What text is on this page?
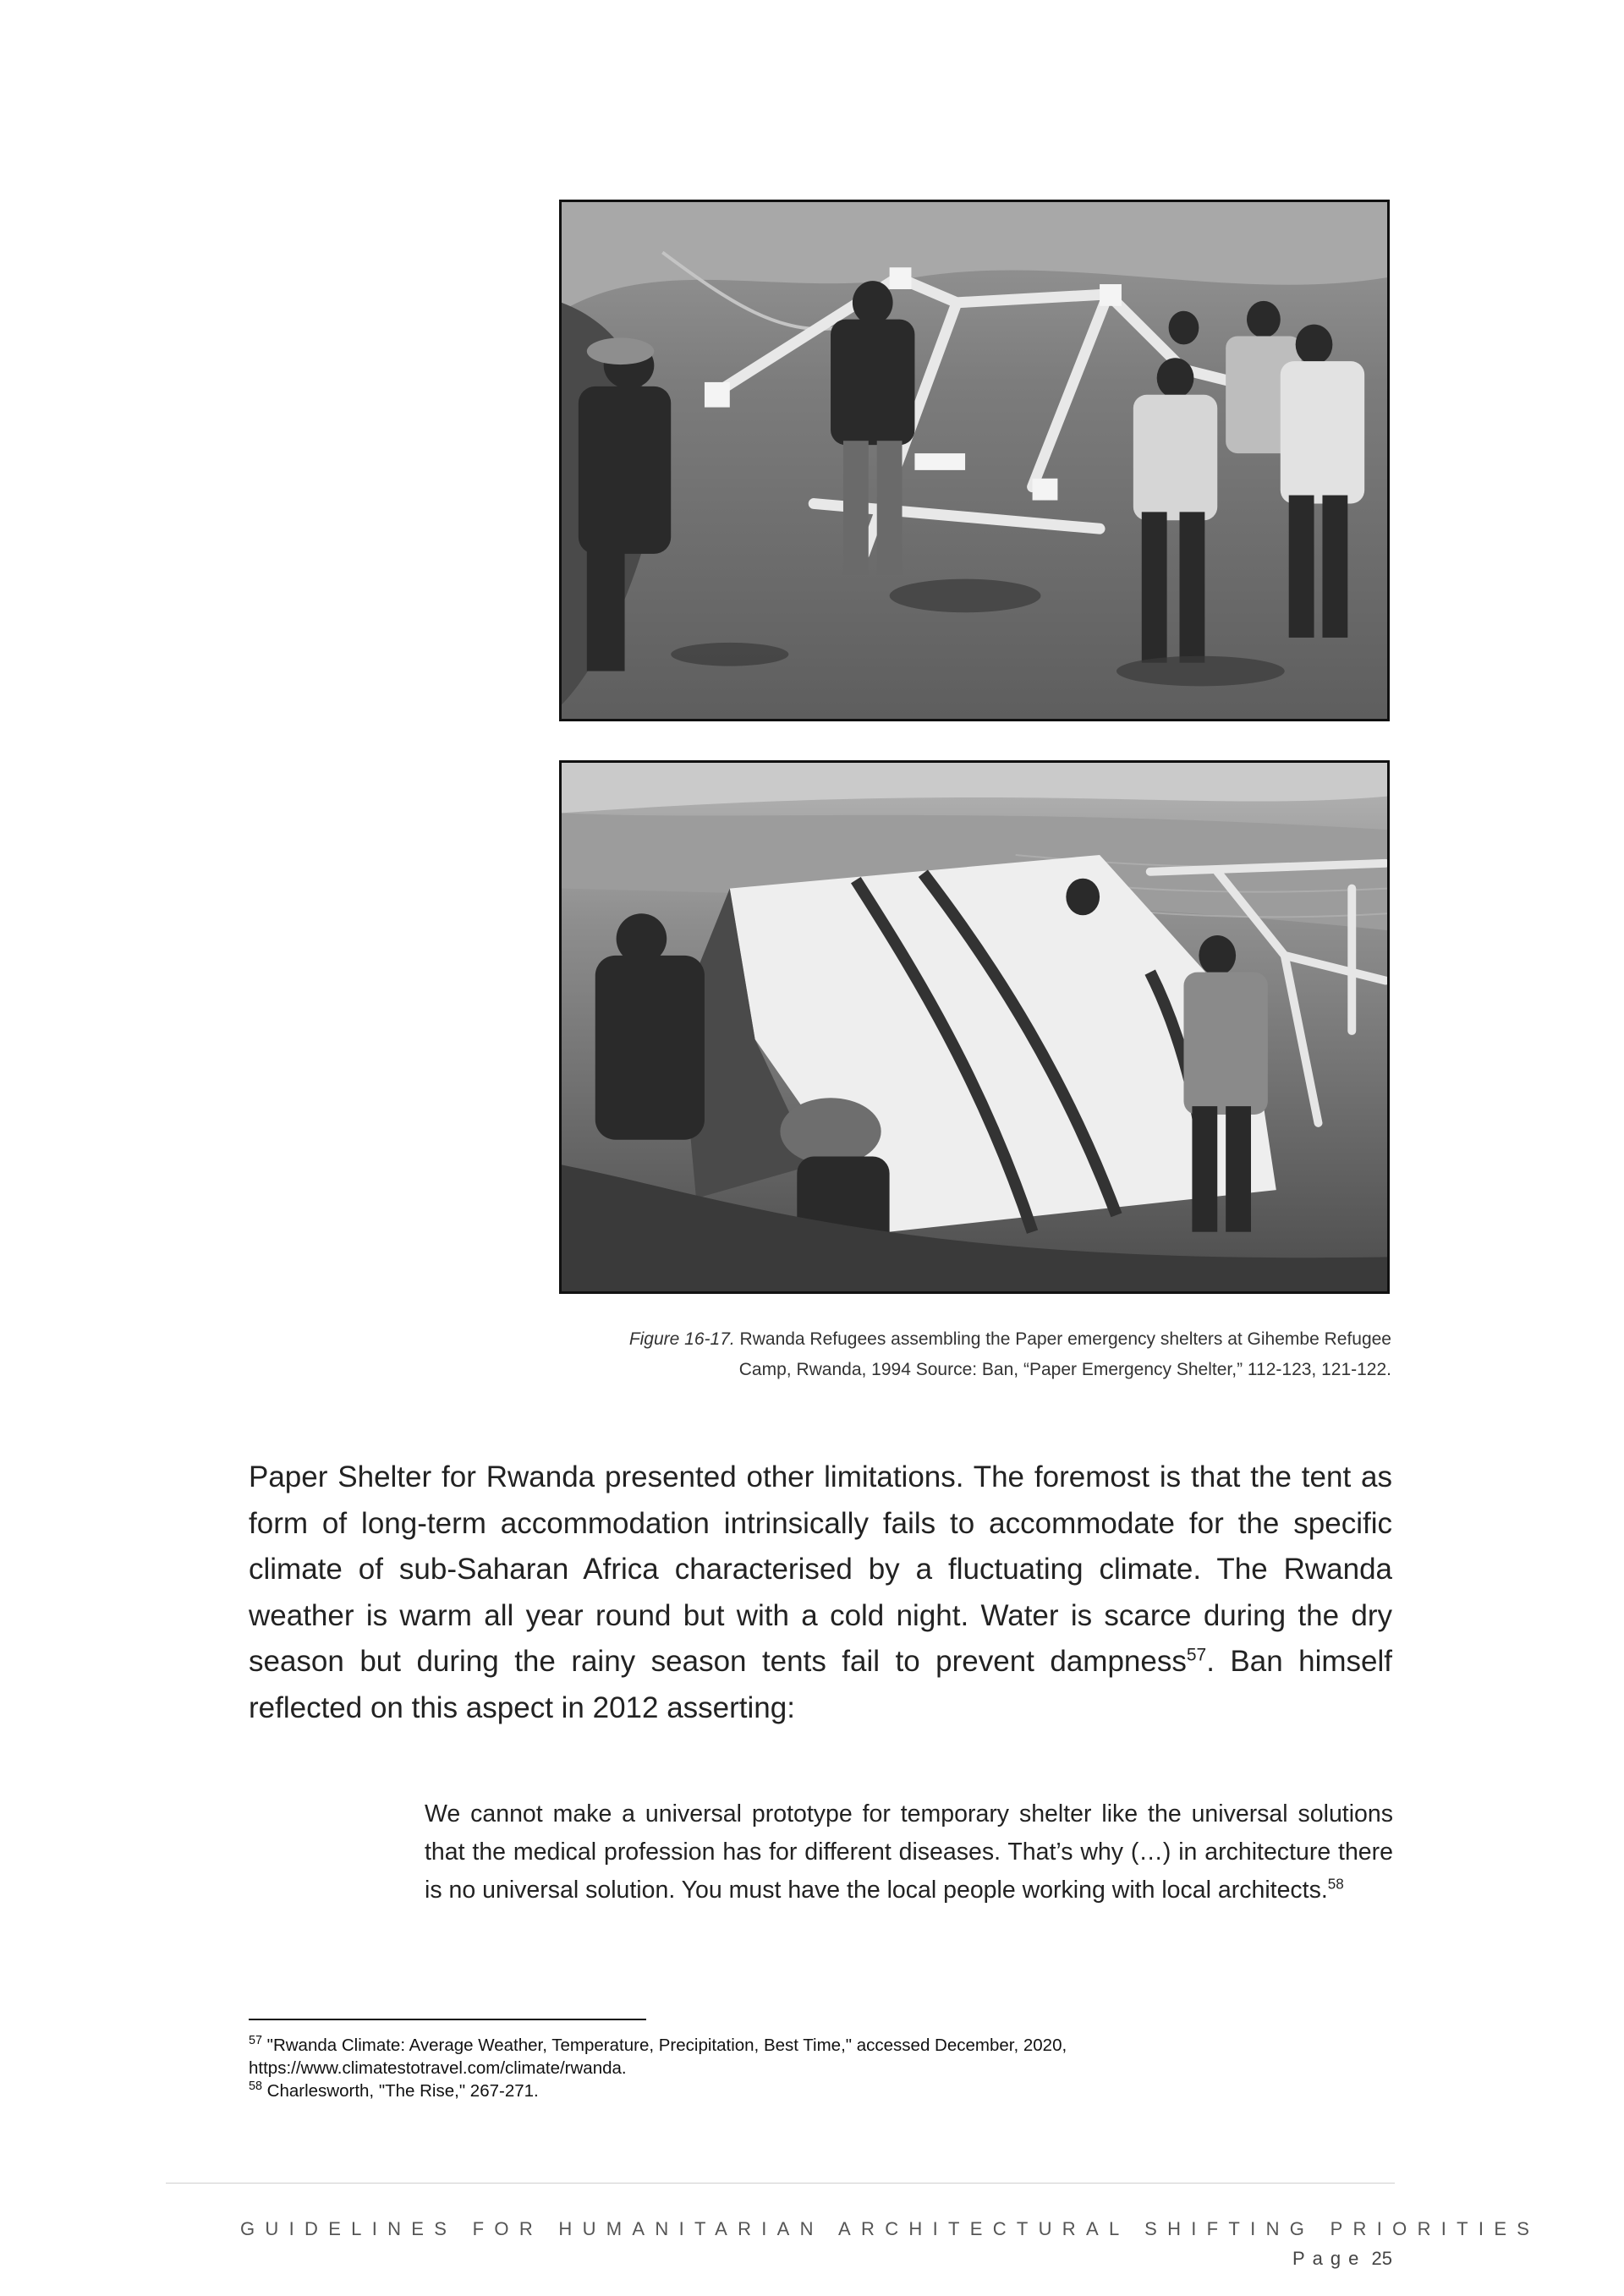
Figure 16-17. Rwanda Refugees assembling the Paper emergency shelters at Gihembe Refugee
Camp, Rwanda, 1994 Source: Ban, “Paper Emergency Shelter,” 112-123, 121-122.

Paper Shelter for Rwanda presented other limitations. The foremost is that the tent as form of long-term accommodation intrinsically fails to accommodate for the specific climate of sub-Saharan Africa characterised by a fluctuating climate. The Rwanda weather is warm all year round but with a cold night. Water is scarce during the dry season but during the rainy season tents fail to prevent dampness$^{57}$. Ban himself reflected on this aspect in 2012 asserting:

We cannot make a universal prototype for temporary shelter like the universal solutions that the medical profession has for different diseases. That’s why (…) in architecture there is no universal solution. You must have the local people working with local architects.$^{58}$

$^{57}$ "Rwanda Climate: Average Weather, Temperature, Precipitation, Best Time," accessed December, 2020,
https://www.climatestotravel.com/climate/rwanda.
$^{58}$ Charlesworth, "The Rise," 267-271.
GUIDELINES FOR HUMANITARIAN ARCHITECTURAL SHIFTING PRIORITIES
Page 25
